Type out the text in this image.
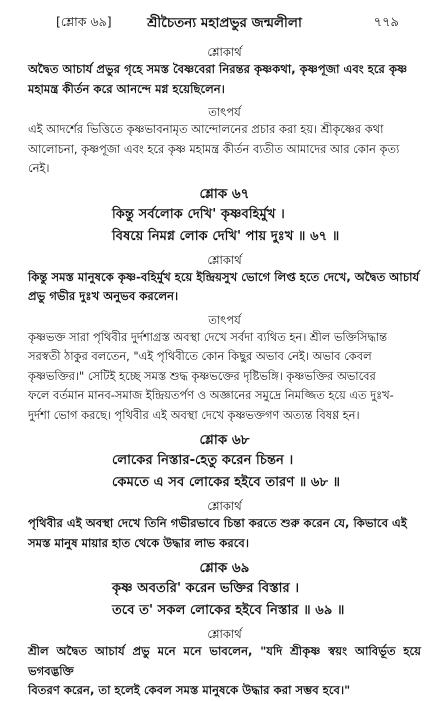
[শ্লোক ৬৯]	শ্রীচৈতন্য মহাপ্রভুর জন্মলীলা	৭৭৯

শ্লোকার্থ

অদ্বৈত আচার্য প্রভুর গৃহে সমস্ত বৈষ্ণবেরা নিরন্তর কৃষ্ণকথা, কৃষ্ণপূজা এবং হরে কৃষ্ণ

মহামন্ত্র কীর্তন করে আনন্দে মগ্ন হয়েছিলেন।

তাৎপর্য

এই আদর্শের ভিত্তিতে কৃষ্ণভাবনামৃত আন্দোলনের প্রচার করা হয়। শ্রীকৃষ্ণের কথা

আলোচনা, কৃষ্ণপূজা এবং হরে কৃষ্ণ মহামন্ত্র কীর্তন ব্যতীত আমাদের আর কোন কৃত্য

নেই।

শ্লোক ৬৭

কিন্তু সর্বলোক দেখি' কৃষ্ণবহির্মুখ ।

বিষয়ে নিমগ্ন লোক দেখি' পায় দুঃখ ॥ ৬৭ ॥

শ্লোকার্থ

কিন্তু সমস্ত মানুষকে কৃষ্ণ-বহির্মুখ হয়ে ইন্দ্রিয়সুখ ভোগে লিপ্ত হতে দেখে, অদ্বৈত আচার্য

প্রভু গভীর দুঃখ অনুভব করলেন।

তাৎপর্য

কৃষ্ণভক্ত সারা পৃথিবীর দুর্দশাগ্রস্ত অবস্থা দেখে সর্বদা ব্যথিত হন। শ্রীল ভক্তিসিদ্ধান্ত

সরস্বতী ঠাকুর বলতেন, "এই পৃথিবীতে কোন কিছুর অভাব নেই। অভাব কেবল

কৃষ্ণভক্তির।" সেটিই হচ্ছে সমস্ত শুদ্ধ কৃষ্ণভক্তের দৃষ্টিভঙ্গি। কৃষ্ণভক্তির অভাবের

ফলে বর্তমান মানব-সমাজ ইন্দ্রিয়তর্পণ ও অজ্ঞানের সমুদ্রে নিমজ্জিত হয়ে এত দুঃখ-

দুর্দশা ভোগ করছে। পৃথিবীর এই অবস্থা দেখে কৃষ্ণভক্তগণ অত্যন্ত বিষণ্ণ হন।

শ্লোক ৬৮

লোকের নিস্তার-হেতু করেন চিন্তন ।

কেমতে এ সব লোকের হইবে তারণ ॥ ৬৮ ॥

শ্লোকার্থ

পৃথিবীর এই অবস্থা দেখে তিনি গভীরভাবে চিন্তা করতে শুরু করেন যে, কিভাবে এই

সমস্ত মানুষ মায়ার হাত থেকে উদ্ধার লাভ করবে।

শ্লোক ৬৯

কৃষ্ণ অবতরি' করেন ভক্তির বিস্তার ।

তবে ত' সকল লোকের হইবে নিস্তার ॥ ৬৯ ॥

শ্লোকার্থ

শ্রীল অদ্বৈত আচার্য প্রভু মনে মনে ভাবলেন, "যদি শ্রীকৃষ্ণ স্বয়ং আবির্ভূত হয়ে ভগবদ্ভক্তি

বিতরণ করেন, তা হলেই কেবল সমস্ত মানুষকে উদ্ধার করা সম্ভব হবে।"
